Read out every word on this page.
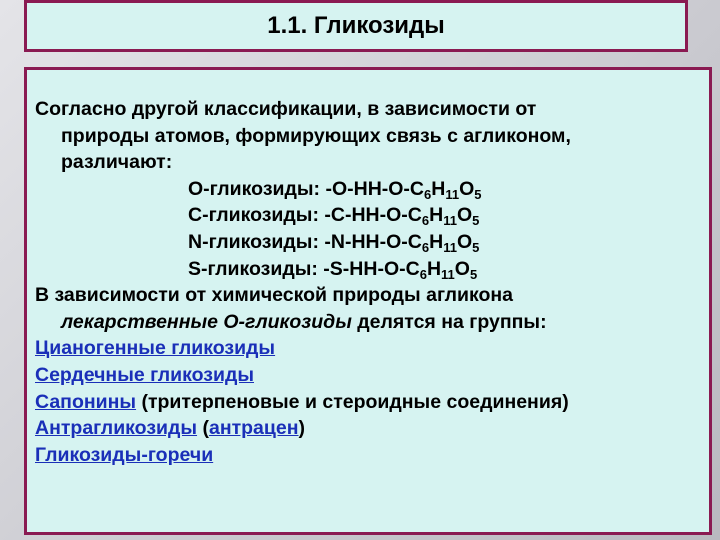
1.1. Гликозиды
Согласно другой классификации, в зависимости от
природы атомов, формирующих связь с агликоном,
различают:
O-гликозиды: $-O-HH-O-C_6H_{11}O_5$
C-гликозиды: $-C-HH-O-C_6H_{11}O_5$
N-гликозиды: $-N-HH-O-C_6H_{11}O_5$
S-гликозиды: $-S-HH-O-C_6H_{11}O_5$
В зависимости от химической природы агликона
лекарственные О-гликозиды делятся на группы:
Цианогенные гликозиды
Сердечные гликозиды
Сапонины (тритерпеновые и стероидные соединения)
Антрагликозиды (антрацен)
Гликозиды-горечи
